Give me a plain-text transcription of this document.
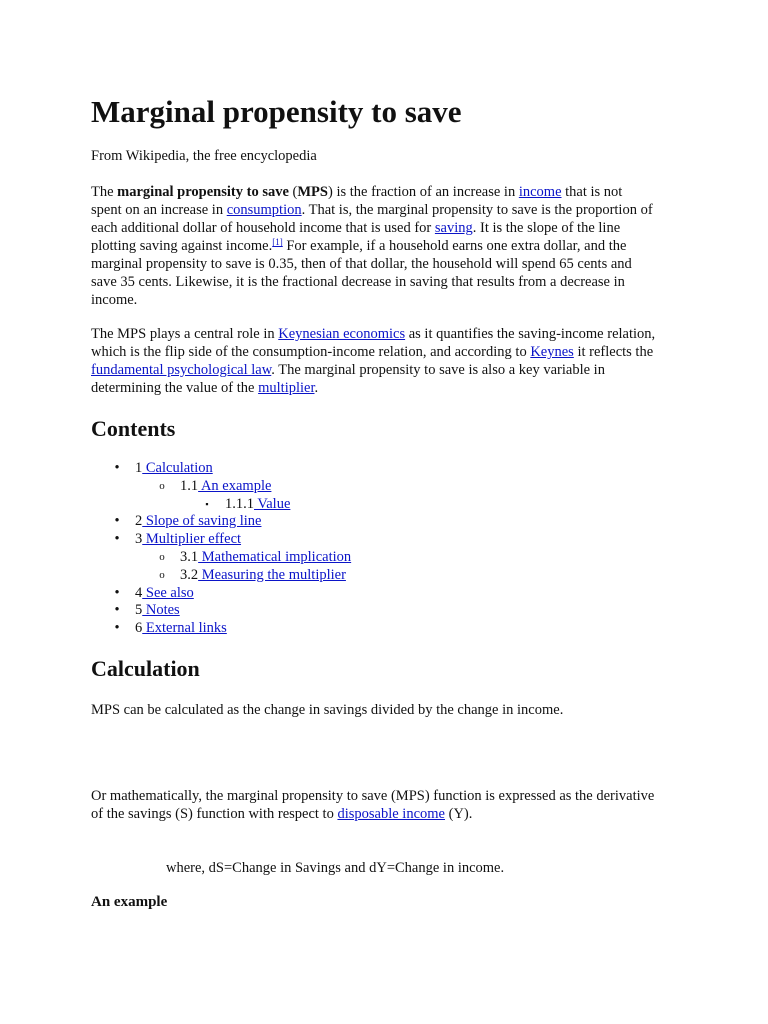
Marginal propensity to save
From Wikipedia, the free encyclopedia
The marginal propensity to save (MPS) is the fraction of an increase in income that is not
spent on an increase in consumption. That is, the marginal propensity to save is the proportion of
each additional dollar of household income that is used for saving. It is the slope of the line
plotting saving against income.[1] For example, if a household earns one extra dollar, and the
marginal propensity to save is 0.35, then of that dollar, the household will spend 65 cents and
save 35 cents. Likewise, it is the fractional decrease in saving that results from a decrease in
income.
The MPS plays a central role in Keynesian economics as it quantifies the saving-income relation,
which is the flip side of the consumption-income relation, and according to Keynes it reflects the
fundamental psychological law. The marginal propensity to save is also a key variable in
determining the value of the multiplier.
Contents
• 1 Calculation
o 1.1 An example
▪ 1.1.1 Value
• 2 Slope of saving line
• 3 Multiplier effect
o 3.1 Mathematical implication
o 3.2 Measuring the multiplier
• 4 See also
• 5 Notes
• 6 External links
Calculation
MPS can be calculated as the change in savings divided by the change in income.
Or mathematically, the marginal propensity to save (MPS) function is expressed as the derivative
of the savings (S) function with respect to disposable income (Y).
where, dS=Change in Savings and dY=Change in income.
An example
